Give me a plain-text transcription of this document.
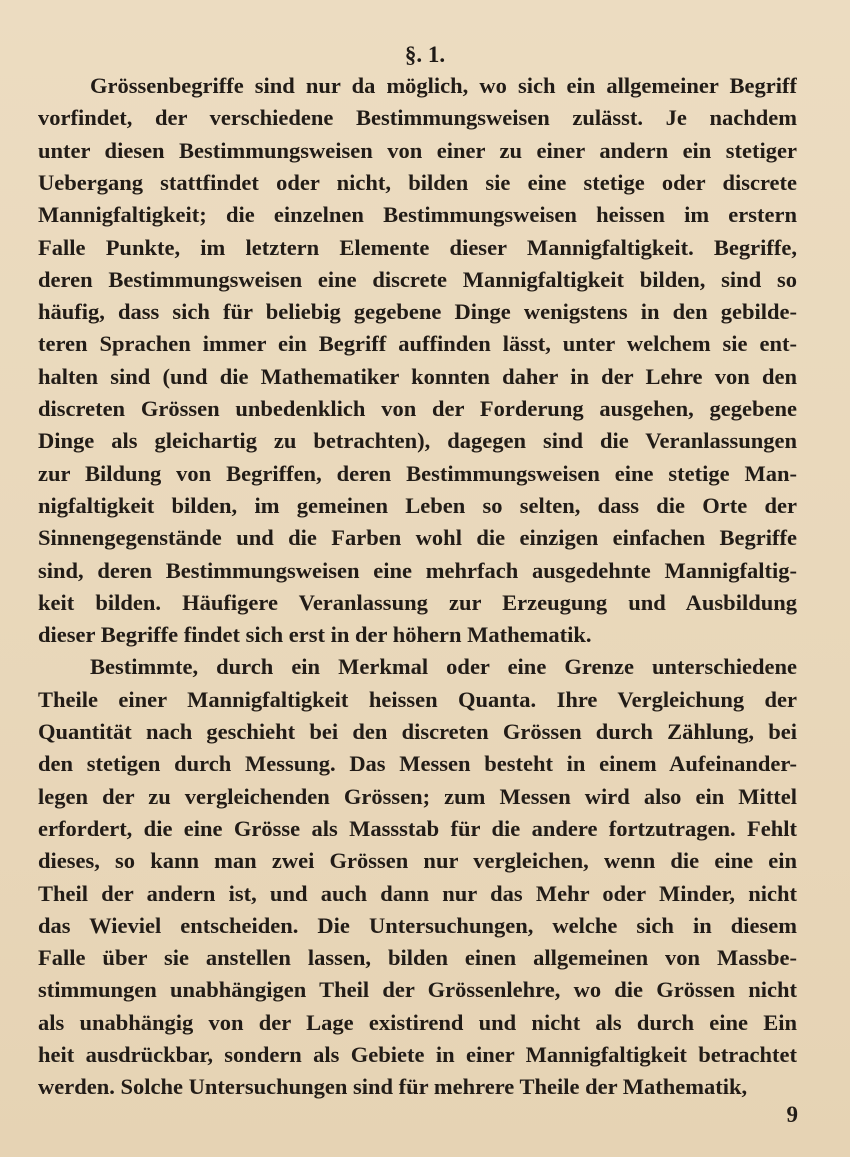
§. 1.
Grössenbegriffe sind nur da möglich, wo sich ein allgemeiner Begriff
vorfindet, der verschiedene Bestimmungsweisen zulässt. Je nachdem
unter diesen Bestimmungsweisen von einer zu einer andern ein stetiger
Uebergang stattfindet oder nicht, bilden sie eine stetige oder discrete
Mannigfaltigkeit; die einzelnen Bestimmungsweisen heissen im erstern
Falle Punkte, im letztern Elemente dieser Mannigfaltigkeit. Begriffe,
deren Bestimmungsweisen eine discrete Mannigfaltigkeit bilden, sind so
häufig, dass sich für beliebig gegebene Dinge wenigstens in den gebilde-
teren Sprachen immer ein Begriff auffinden lässt, unter welchem sie ent-
halten sind (und die Mathematiker konnten daher in der Lehre von den
discreten Grössen unbedenklich von der Forderung ausgehen, gegebene
Dinge als gleichartig zu betrachten), dagegen sind die Veranlassungen
zur Bildung von Begriffen, deren Bestimmungsweisen eine stetige Man-
nigfaltigkeit bilden, im gemeinen Leben so selten, dass die Orte der
Sinnengegenstände und die Farben wohl die einzigen einfachen Begriffe
sind, deren Bestimmungsweisen eine mehrfach ausgedehnte Mannigfaltig-
keit bilden. Häufigere Veranlassung zur Erzeugung und Ausbildung
dieser Begriffe findet sich erst in der höhern Mathematik.
Bestimmte, durch ein Merkmal oder eine Grenze unterschiedene
Theile einer Mannigfaltigkeit heissen Quanta. Ihre Vergleichung der
Quantität nach geschieht bei den discreten Grössen durch Zählung, bei
den stetigen durch Messung. Das Messen besteht in einem Aufeinander-
legen der zu vergleichenden Grössen; zum Messen wird also ein Mittel
erfordert, die eine Grösse als Massstab für die andere fortzutragen. Fehlt
dieses, so kann man zwei Grössen nur vergleichen, wenn die eine ein
Theil der andern ist, und auch dann nur das Mehr oder Minder, nicht
das Wieviel entscheiden. Die Untersuchungen, welche sich in diesem
Falle über sie anstellen lassen, bilden einen allgemeinen von Massbe-
stimmungen unabhängigen Theil der Grössenlehre, wo die Grössen nicht
als unabhängig von der Lage existirend und nicht als durch eine Ein
heit ausdrückbar, sondern als Gebiete in einer Mannigfaltigkeit betrachtet
werden. Solche Untersuchungen sind für mehrere Theile der Mathematik,
9
